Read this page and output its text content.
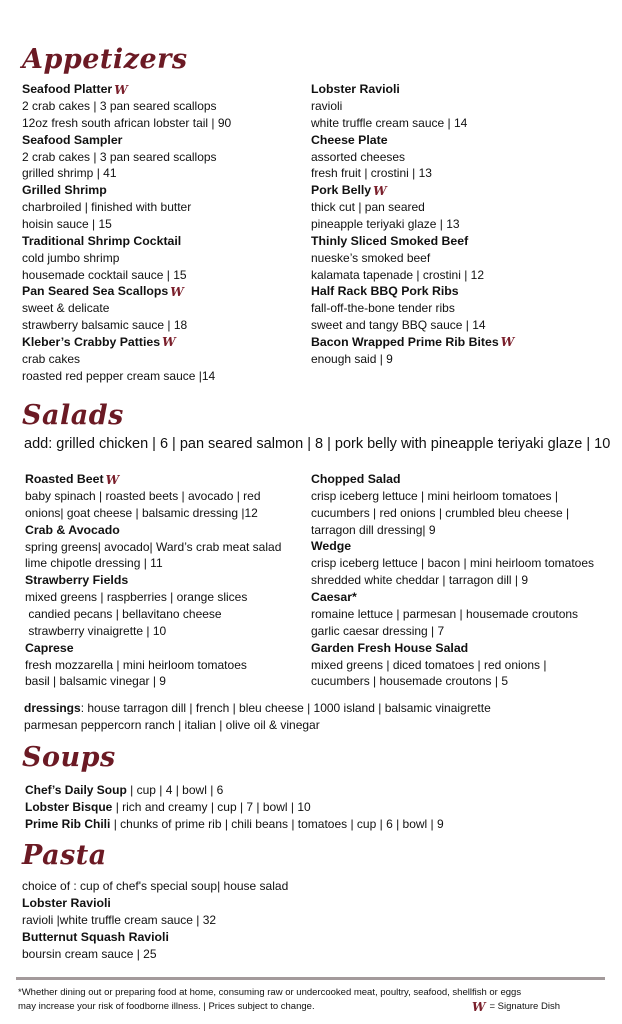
Appetizers
Seafood Platter W
2 crab cakes | 3 pan seared scallops
12oz fresh south african lobster tail | 90
Seafood Sampler
2 crab cakes | 3 pan seared scallops
grilled shrimp | 41
Grilled Shrimp
charbroiled | finished with butter
hoisin sauce | 15
Traditional Shrimp Cocktail
cold jumbo shrimp
housemade cocktail sauce | 15
Pan Seared Sea Scallops W
sweet & delicate
strawberry balsamic sauce | 18
Kleber’s Crabby Patties W
crab cakes
roasted red pepper cream sauce |14
Lobster Ravioli
ravioli
white truffle cream sauce | 14
Cheese Plate
assorted cheeses
fresh fruit | crostini | 13
Pork Belly W
thick cut | pan seared
pineapple teriyaki glaze | 13
Thinly Sliced Smoked Beef
nueske’s smoked beef
kalamata tapenade | crostini | 12
Half Rack BBQ Pork Ribs
fall-off-the-bone tender ribs
sweet and tangy BBQ sauce | 14
Bacon Wrapped Prime Rib Bites W
enough said | 9
Salads
add: grilled chicken | 6 | pan seared salmon | 8 | pork belly with pineapple teriyaki glaze | 10
Roasted Beet W
baby spinach | roasted beets | avocado | red
onions| goat cheese | balsamic dressing |12
Crab & Avocado
spring greens| avocado| Ward’s crab meat salad
lime chipotle dressing | 11
Strawberry Fields
mixed greens | raspberries | orange slices
candied pecans | bellavitano cheese
strawberry vinaigrette | 10
Caprese
fresh mozzarella | mini heirloom tomatoes
basil | balsamic vinegar | 9
Chopped Salad
crisp iceberg lettuce | mini heirloom tomatoes |
cucumbers | red onions | crumbled bleu cheese |
tarragon dill dressing| 9
Wedge
crisp iceberg lettuce | bacon | mini heirloom tomatoes
shredded white cheddar | tarragon dill | 9
Caesar*
romaine lettuce | parmesan | housemade croutons
garlic caesar dressing | 7
Garden Fresh House Salad
mixed greens | diced tomatoes | red onions |
cucumbers | housemade croutons | 5
dressings: house tarragon dill | french | bleu cheese | 1000 island | balsamic vinaigrette
parmesan peppercorn ranch | italian | olive oil & vinegar
Soups
Chef’s Daily Soup | cup | 4 | bowl | 6
Lobster Bisque | rich and creamy | cup | 7 | bowl | 10
Prime Rib Chili | chunks of prime rib | chili beans | tomatoes | cup | 6 | bowl | 9
Pasta
choice of : cup of chef's special soup| house salad
Lobster Ravioli
ravioli |white truffle cream sauce | 32
Butternut Squash Ravioli
boursin cream sauce | 25
*Whether dining out or preparing food at home, consuming raw or undercooked meat, poultry, seafood, shellfish or eggs
may increase your risk of foodborne illness. | Prices subject to change.	W = Signature Dish
